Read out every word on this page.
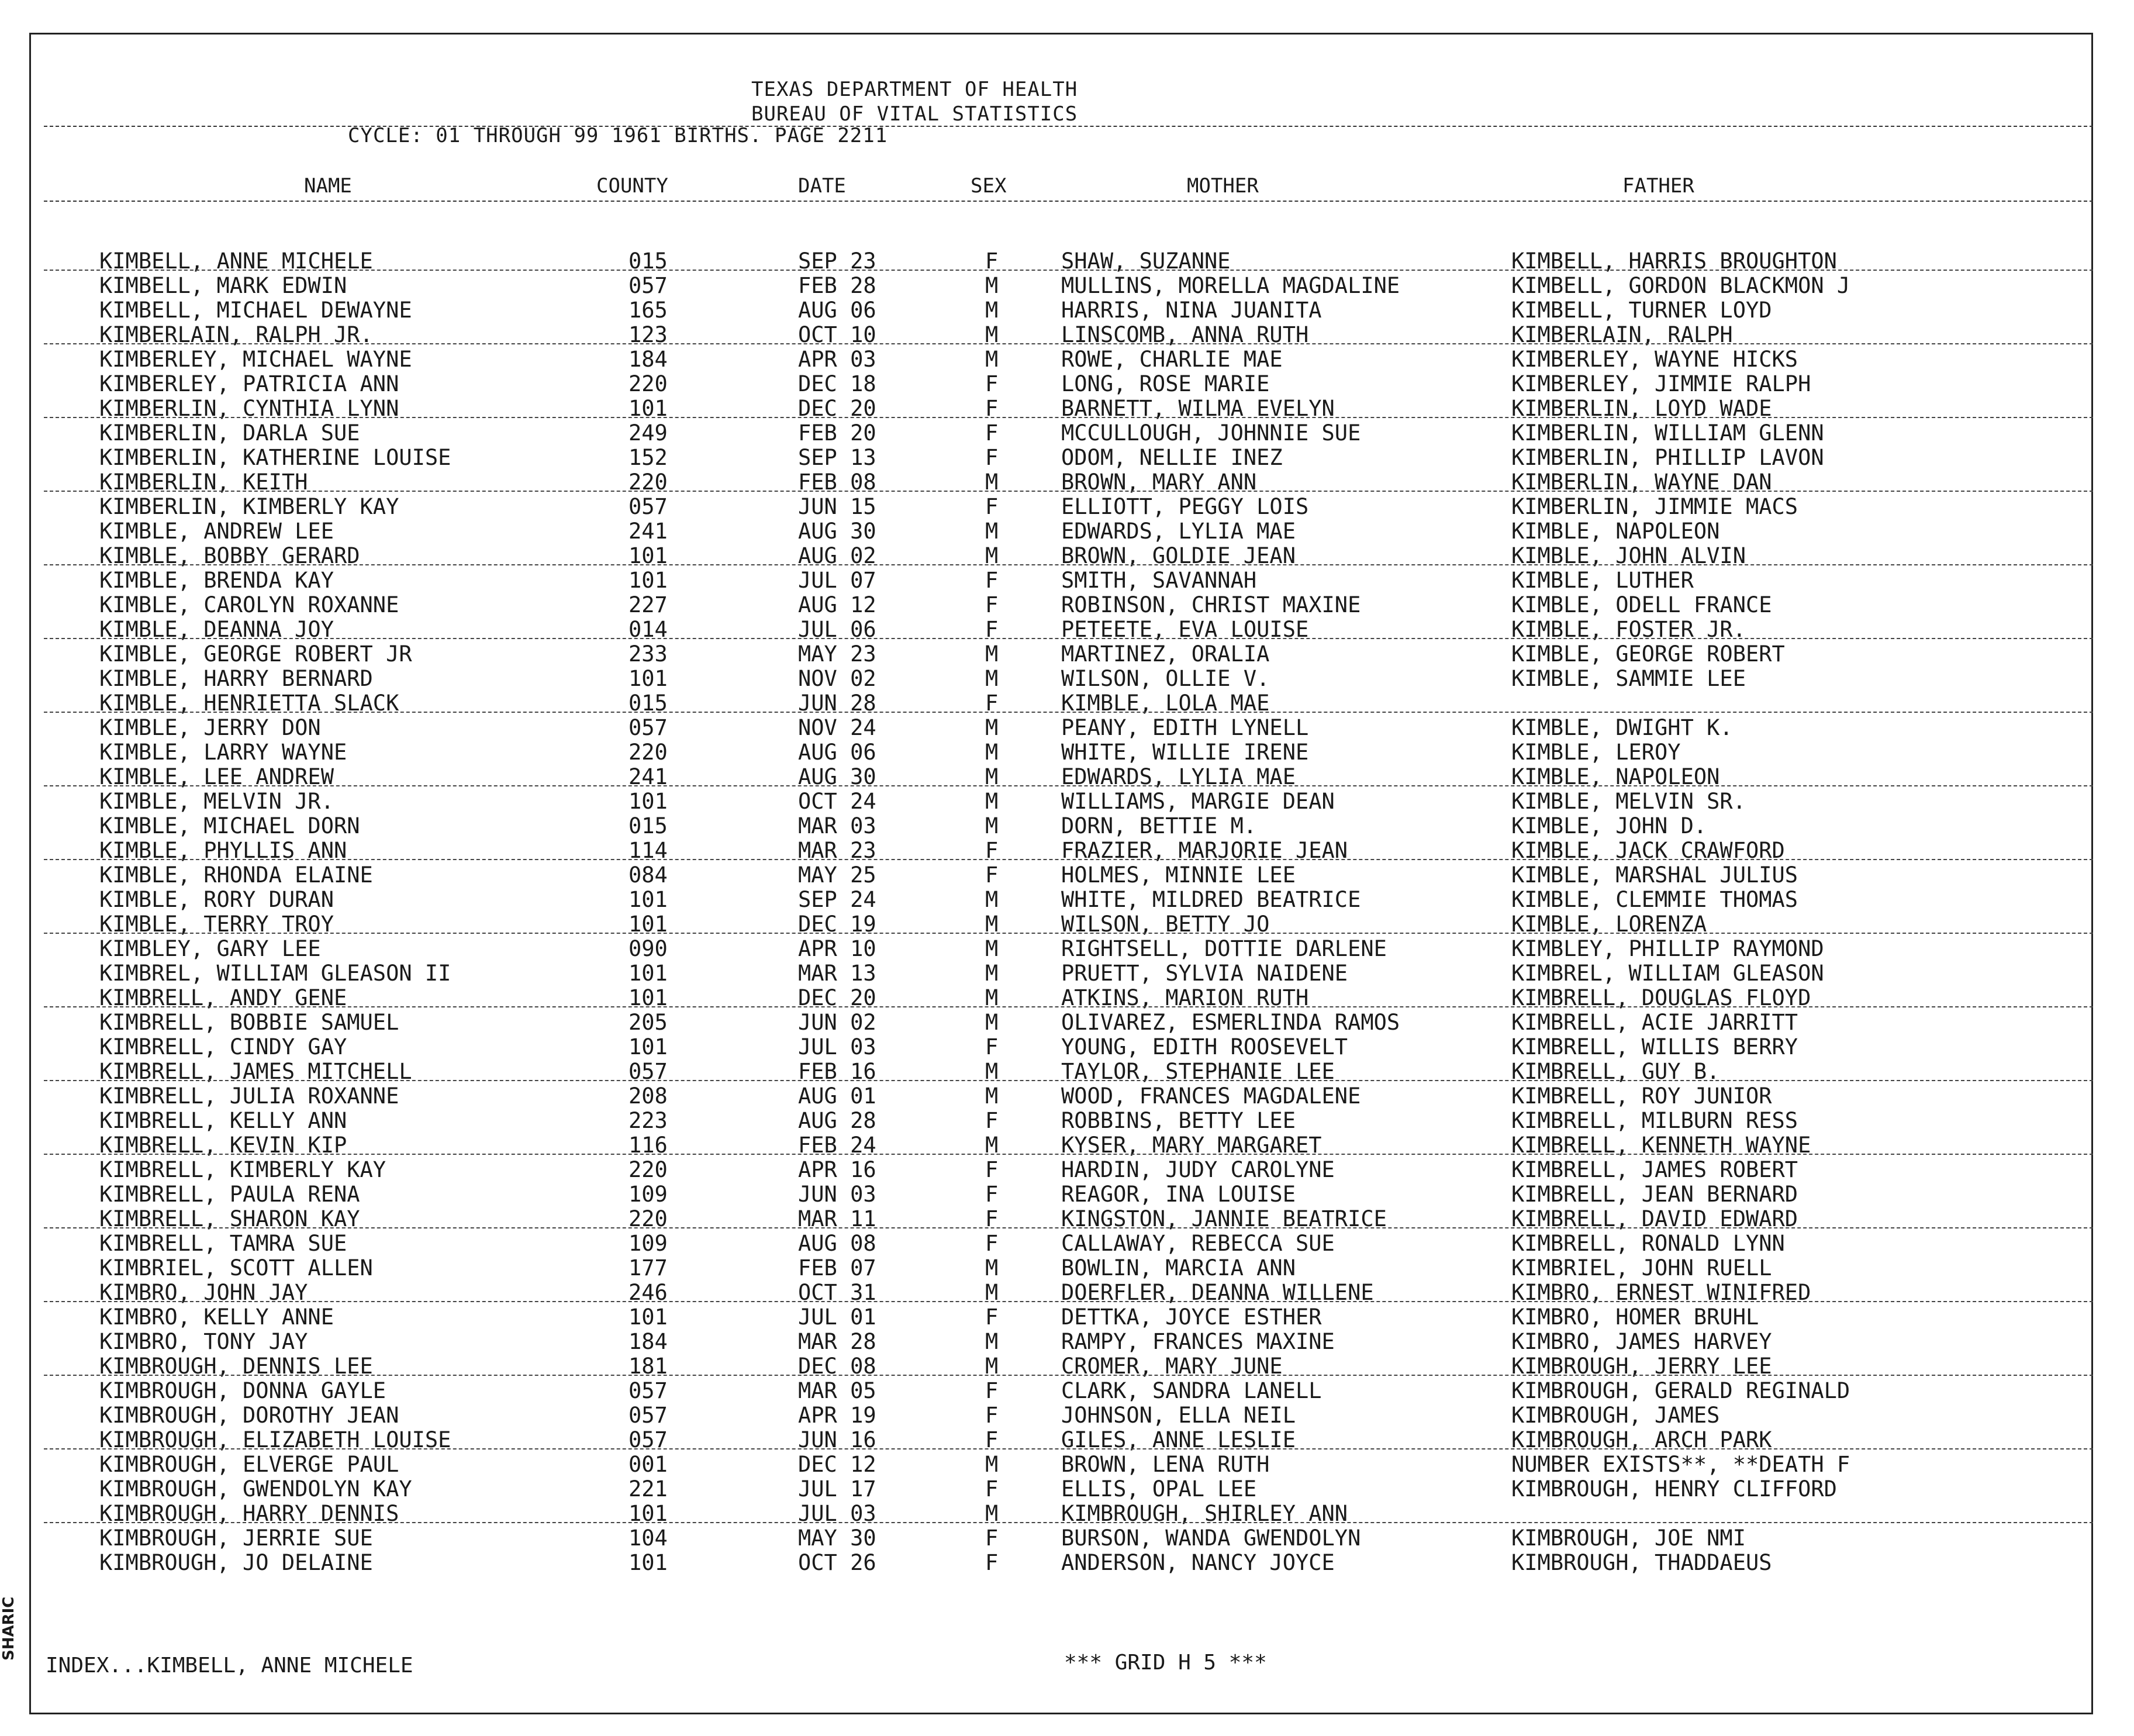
TEXAS DEPARTMENT OF HEALTH
BUREAU OF VITAL STATISTICS
CYCLE: 01 THROUGH 99 1961 BIRTHS. PAGE 2211
NAME	COUNTY	DATE	SEX	MOTHER	FATHER
KIMBELL, ANNE MICHELE	015	SEP 23	F	SHAW, SUZANNE	KIMBELL, HARRIS BROUGHTON
KIMBELL, MARK EDWIN	057	FEB 28	M	MULLINS, MORELLA MAGDALINE	KIMBELL, GORDON BLACKMON J
KIMBELL, MICHAEL DEWAYNE	165	AUG 06	M	HARRIS, NINA JUANITA	KIMBELL, TURNER LOYD
KIMBERLAIN, RALPH JR.	123	OCT 10	M	LINSCOMB, ANNA RUTH	KIMBERLAIN, RALPH
KIMBERLEY, MICHAEL WAYNE	184	APR 03	M	ROWE, CHARLIE MAE	KIMBERLEY, WAYNE HICKS
KIMBERLEY, PATRICIA ANN	220	DEC 18	F	LONG, ROSE MARIE	KIMBERLEY, JIMMIE RALPH
KIMBERLIN, CYNTHIA LYNN	101	DEC 20	F	BARNETT, WILMA EVELYN	KIMBERLIN, LOYD WADE
KIMBERLIN, DARLA SUE	249	FEB 20	F	MCCULLOUGH, JOHNNIE SUE	KIMBERLIN, WILLIAM GLENN
KIMBERLIN, KATHERINE LOUISE	152	SEP 13	F	ODOM, NELLIE INEZ	KIMBERLIN, PHILLIP LAVON
KIMBERLIN, KEITH	220	FEB 08	M	BROWN, MARY ANN	KIMBERLIN, WAYNE DAN
KIMBERLIN, KIMBERLY KAY	057	JUN 15	F	ELLIOTT, PEGGY LOIS	KIMBERLIN, JIMMIE MACS
KIMBLE, ANDREW LEE	241	AUG 30	M	EDWARDS, LYLIA MAE	KIMBLE, NAPOLEON
KIMBLE, BOBBY GERARD	101	AUG 02	M	BROWN, GOLDIE JEAN	KIMBLE, JOHN ALVIN
KIMBLE, BRENDA KAY	101	JUL 07	F	SMITH, SAVANNAH	KIMBLE, LUTHER
KIMBLE, CAROLYN ROXANNE	227	AUG 12	F	ROBINSON, CHRIST MAXINE	KIMBLE, ODELL FRANCE
KIMBLE, DEANNA JOY	014	JUL 06	F	PETEETE, EVA LOUISE	KIMBLE, FOSTER JR.
KIMBLE, GEORGE ROBERT JR	233	MAY 23	M	MARTINEZ, ORALIA	KIMBLE, GEORGE ROBERT
KIMBLE, HARRY BERNARD	101	NOV 02	M	WILSON, OLLIE V.	KIMBLE, SAMMIE LEE
KIMBLE, HENRIETTA SLACK	015	JUN 28	F	KIMBLE, LOLA MAE
KIMBLE, JERRY DON	057	NOV 24	M	PEANY, EDITH LYNELL	KIMBLE, DWIGHT K.
KIMBLE, LARRY WAYNE	220	AUG 06	M	WHITE, WILLIE IRENE	KIMBLE, LEROY
KIMBLE, LEE ANDREW	241	AUG 30	M	EDWARDS, LYLIA MAE	KIMBLE, NAPOLEON
KIMBLE, MELVIN JR.	101	OCT 24	M	WILLIAMS, MARGIE DEAN	KIMBLE, MELVIN SR.
KIMBLE, MICHAEL DORN	015	MAR 03	M	DORN, BETTIE M.	KIMBLE, JOHN D.
KIMBLE, PHYLLIS ANN	114	MAR 23	F	FRAZIER, MARJORIE JEAN	KIMBLE, JACK CRAWFORD
KIMBLE, RHONDA ELAINE	084	MAY 25	F	HOLMES, MINNIE LEE	KIMBLE, MARSHAL JULIUS
KIMBLE, RORY DURAN	101	SEP 24	M	WHITE, MILDRED BEATRICE	KIMBLE, CLEMMIE THOMAS
KIMBLE, TERRY TROY	101	DEC 19	M	WILSON, BETTY JO	KIMBLE, LORENZA
KIMBLEY, GARY LEE	090	APR 10	M	RIGHTSELL, DOTTIE DARLENE	KIMBLEY, PHILLIP RAYMOND
KIMBREL, WILLIAM GLEASON II	101	MAR 13	M	PRUETT, SYLVIA NAIDENE	KIMBREL, WILLIAM GLEASON
KIMBRELL, ANDY GENE	101	DEC 20	M	ATKINS, MARION RUTH	KIMBRELL, DOUGLAS FLOYD
KIMBRELL, BOBBIE SAMUEL	205	JUN 02	M	OLIVAREZ, ESMERLINDA RAMOS	KIMBRELL, ACIE JARRITT
KIMBRELL, CINDY GAY	101	JUL 03	F	YOUNG, EDITH ROOSEVELT	KIMBRELL, WILLIS BERRY
KIMBRELL, JAMES MITCHELL	057	FEB 16	M	TAYLOR, STEPHANIE LEE	KIMBRELL, GUY B.
KIMBRELL, JULIA ROXANNE	208	AUG 01	M	WOOD, FRANCES MAGDALENE	KIMBRELL, ROY JUNIOR
KIMBRELL, KELLY ANN	223	AUG 28	F	ROBBINS, BETTY LEE	KIMBRELL, MILBURN RESS
KIMBRELL, KEVIN KIP	116	FEB 24	M	KYSER, MARY MARGARET	KIMBRELL, KENNETH WAYNE
KIMBRELL, KIMBERLY KAY	220	APR 16	F	HARDIN, JUDY CAROLYNE	KIMBRELL, JAMES ROBERT
KIMBRELL, PAULA RENA	109	JUN 03	F	REAGOR, INA LOUISE	KIMBRELL, JEAN BERNARD
KIMBRELL, SHARON KAY	220	MAR 11	F	KINGSTON, JANNIE BEATRICE	KIMBRELL, DAVID EDWARD
KIMBRELL, TAMRA SUE	109	AUG 08	F	CALLAWAY, REBECCA SUE	KIMBRELL, RONALD LYNN
KIMBRIEL, SCOTT ALLEN	177	FEB 07	M	BOWLIN, MARCIA ANN	KIMBRIEL, JOHN RUELL
KIMBRO, JOHN JAY	246	OCT 31	M	DOERFLER, DEANNA WILLENE	KIMBRO, ERNEST WINIFRED
KIMBRO, KELLY ANNE	101	JUL 01	F	DETTKA, JOYCE ESTHER	KIMBRO, HOMER BRUHL
KIMBRO, TONY JAY	184	MAR 28	M	RAMPY, FRANCES MAXINE	KIMBRO, JAMES HARVEY
KIMBROUGH, DENNIS LEE	181	DEC 08	M	CROMER, MARY JUNE	KIMBROUGH, JERRY LEE
KIMBROUGH, DONNA GAYLE	057	MAR 05	F	CLARK, SANDRA LANELL	KIMBROUGH, GERALD REGINALD
KIMBROUGH, DOROTHY JEAN	057	APR 19	F	JOHNSON, ELLA NEIL	KIMBROUGH, JAMES
KIMBROUGH, ELIZABETH LOUISE	057	JUN 16	F	GILES, ANNE LESLIE	KIMBROUGH, ARCH PARK
KIMBROUGH, ELVERGE PAUL	001	DEC 12	M	BROWN, LENA RUTH	NUMBER EXISTS**, **DEATH F
KIMBROUGH, GWENDOLYN KAY	221	JUL 17	F	ELLIS, OPAL LEE	KIMBROUGH, HENRY CLIFFORD
KIMBROUGH, HARRY DENNIS	101	JUL 03	M	KIMBROUGH, SHIRLEY ANN
KIMBROUGH, JERRIE SUE	104	MAY 30	F	BURSON, WANDA GWENDOLYN	KIMBROUGH, JOE NMI
KIMBROUGH, JO DELAINE	101	OCT 26	F	ANDERSON, NANCY JOYCE	KIMBROUGH, THADDAEUS
INDEX...KIMBELL, ANNE MICHELE	*** GRID H 5 ***
SHARIC
